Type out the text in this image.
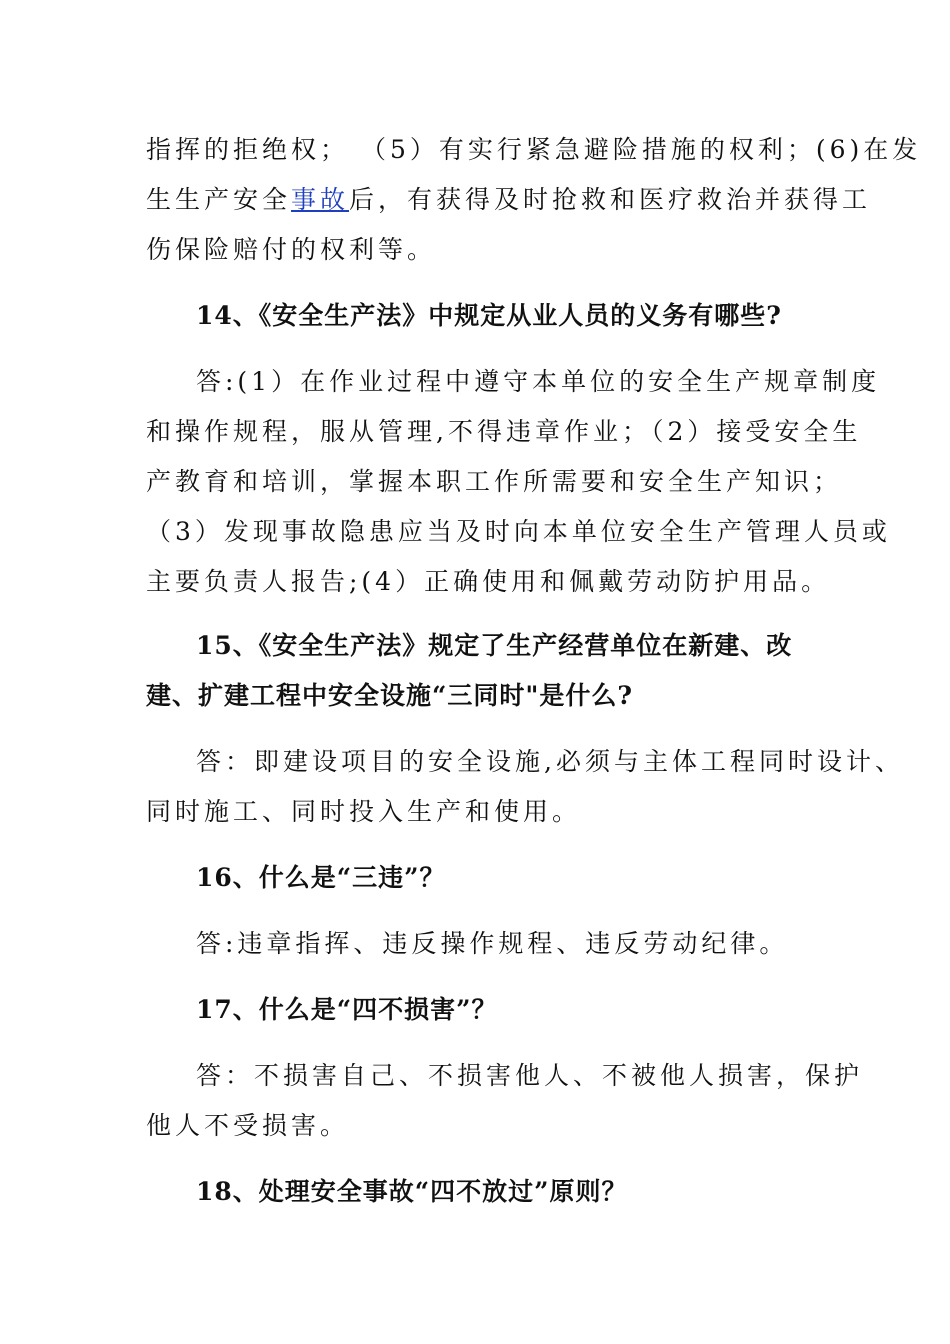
指挥的拒绝权； （5）有实行紧急避险措施的权利；(6)在发
生生产安全事故后，有获得及时抢救和医疗救治并获得工
伤保险赔付的权利等。
14、《安全生产法》中规定从业人员的义务有哪些?
答:(1）在作业过程中遵守本单位的安全生产规章制度
和操作规程，服从管理,不得违章作业；（2）接受安全生
产教育和培训，掌握本职工作所需要和安全生产知识；
（3）发现事故隐患应当及时向本单位安全生产管理人员或
主要负责人报告;(4）正确使用和佩戴劳动防护用品。
15、《安全生产法》规定了生产经营单位在新建、改
建、扩建工程中安全设施“三同时"是什么?
答：即建设项目的安全设施,必须与主体工程同时设计、
同时施工、同时投入生产和使用。
16、什么是“三违”？
答:违章指挥、违反操作规程、违反劳动纪律。
17、什么是“四不损害”？
答：不损害自己、不损害他人、不被他人损害，保护
他人不受损害。
18、处理安全事故“四不放过”原则？
